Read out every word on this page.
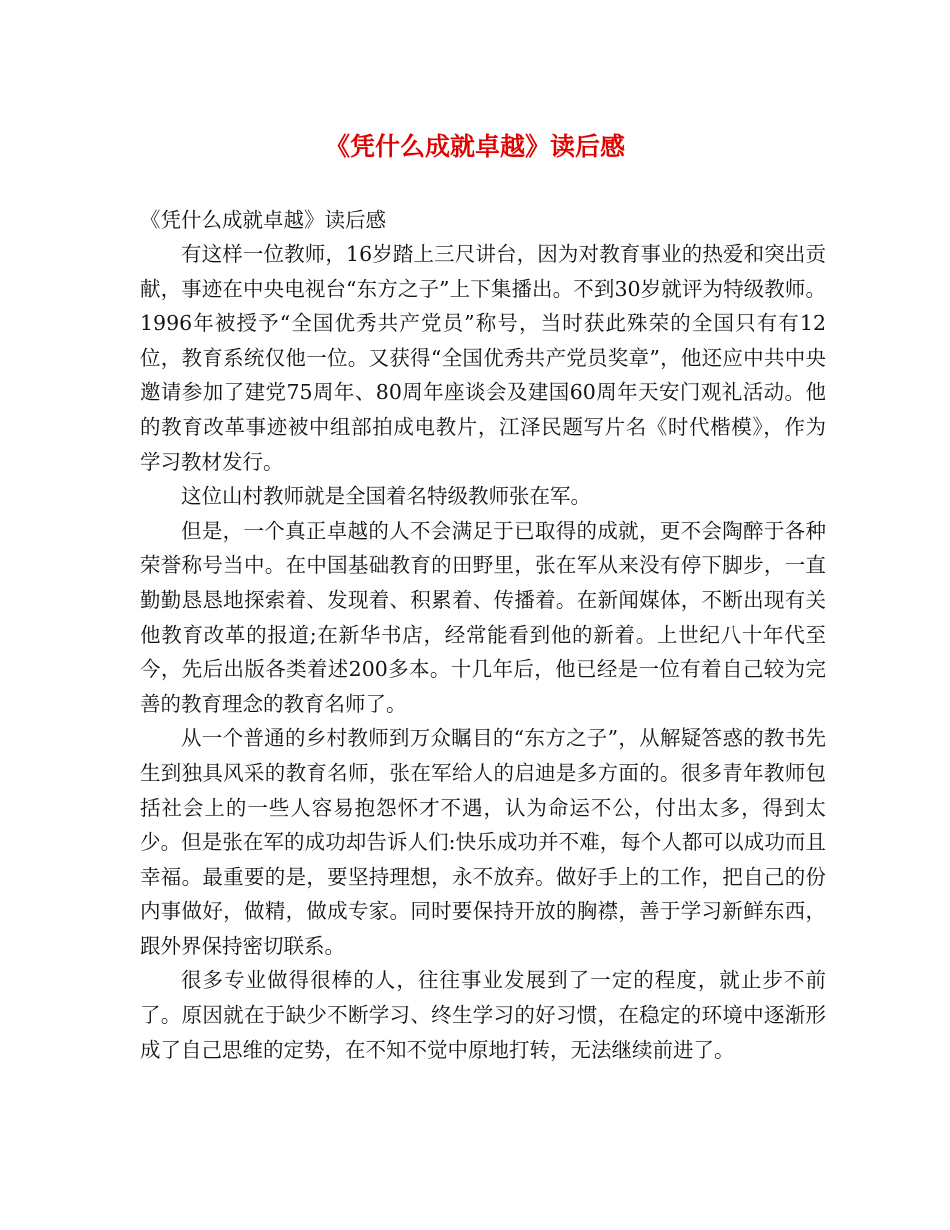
《凭什么成就卓越》读后感

《凭什么成就卓越》读后感

有这样一位教师，16岁踏上三尺讲台，因为对教育事业的热爱和突出贡献，事迹在中央电视台“东方之子”上下集播出。不到30岁就评为特级教师。1996年被授予“全国优秀共产党员”称号，当时获此殊荣的全国只有有12位，教育系统仅他一位。又获得“全国优秀共产党员奖章”，他还应中共中央邀请参加了建党75周年、80周年座谈会及建国60周年天安门观礼活动。他的教育改革事迹被中组部拍成电教片，江泽民题写片名《时代楷模》，作为学习教材发行。

这位山村教师就是全国着名特级教师张在军。

但是，一个真正卓越的人不会满足于已取得的成就，更不会陶醉于各种荣誉称号当中。在中国基础教育的田野里，张在军从来没有停下脚步，一直勤勤恳恳地探索着、发现着、积累着、传播着。在新闻媒体，不断出现有关他教育改革的报道;在新华书店，经常能看到他的新着。上世纪八十年代至今，先后出版各类着述200多本。十几年后，他已经是一位有着自己较为完善的教育理念的教育名师了。

从一个普通的乡村教师到万众瞩目的“东方之子”，从解疑答惑的教书先生到独具风采的教育名师，张在军给人的启迪是多方面的。很多青年教师包括社会上的一些人容易抱怨怀才不遇，认为命运不公，付出太多，得到太少。但是张在军的成功却告诉人们:快乐成功并不难，每个人都可以成功而且幸福。最重要的是，要坚持理想，永不放弃。做好手上的工作，把自己的份内事做好，做精，做成专家。同时要保持开放的胸襟，善于学习新鲜东西，跟外界保持密切联系。

很多专业做得很棒的人，往往事业发展到了一定的程度，就止步不前了。原因就在于缺少不断学习、终生学习的好习惯，在稳定的环境中逐渐形成了自己思维的定势，在不知不觉中原地打转，无法继续前进了。
